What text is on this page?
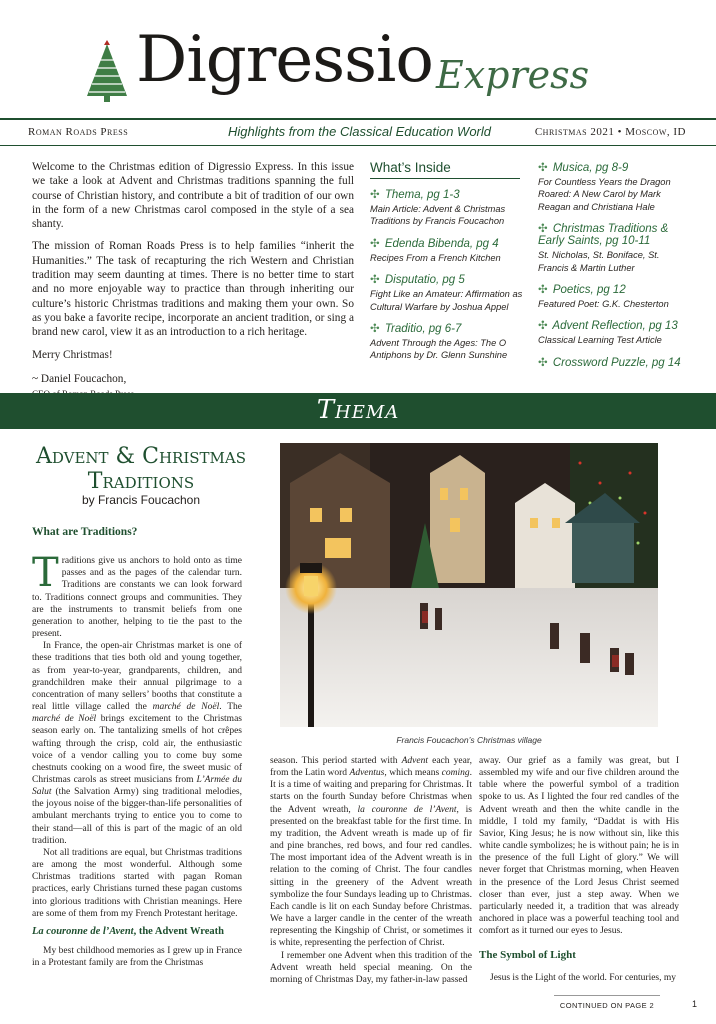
Digressio Express
Roman Roads Press	Highlights from the Classical Education World	Christmas 2021 • Moscow, ID

Welcome to the Christmas edition of Digressio Express. In this issue we take a look at Advent and Christmas traditions spanning the full course of Christian history, and contribute a bit of tradition of our own in the form of a new Christmas carol composed in the style of a sea shanty.

The mission of Roman Roads Press is to help families “inherit the Humanities.” The task of recapturing the rich Western and Christian tradition may seem daunting at times. There is no better time to start and no more enjoyable way to practice than through inheriting our culture’s historic Christmas traditions and making them your own. So as you bake a favorite recipe, incorporate an ancient tradition, or sing a brand new carol, view it as an introduction to a rich heritage.

Merry Christmas!

~ Daniel Foucachon,
What’s Inside
✣ Thema, pg 1-3
Main Article: Advent & Christmas Traditions by Francis Foucachon
✣ Edenda Bibenda, pg 4
Recipes From a French Kitchen
✣ Disputatio, pg 5
Fight Like an Amateur: Affirmation as Cultural Warfare by Joshua Appel
✣ Traditio, pg 6-7
Advent Through the Ages: The O Antiphons by Dr. Glenn Sunshine
✣ Musica, pg 8-9
For Countless Years the Dragon Roared: A New Carol by Mark Reagan and Christiana Hale
✣ Christmas Traditions & Early Saints, pg 10-11
St. Nicholas, St. Boniface, St. Francis & Martin Luther
✣ Poetics, pg 12
Featured Poet: G.K. Chesterton
✣ Advent Reflection, pg 13
Classical Learning Test Article
✣ Crossword Puzzle, pg 14
Thema
Advent & Christmas Traditions
by Francis Foucachon
What are Traditions?

Traditions give us anchors to hold onto as time passes and as the pages of the calendar turn. Traditions are constants we can look forward to. Traditions connect groups and communities. They are the instruments to transmit beliefs from one generation to another, helping to tie the past to the present.

In France, the open-air Christmas market is one of these traditions that ties both old and young together, as from year-to-year, grandparents, children, and grandchildren make their annual pilgrimage to a concentration of many sellers’ booths that constitute a real little village called the marché de Noël. The marché de Noël brings excitement to the Christmas season early on. The tantalizing smells of hot crêpes wafting through the crisp, cold air, the enthusiastic voice of a vendor calling you to come buy some chestnuts cooking on a wood fire, the sweet music of Christmas carols as street musicians from L’Armée du Salut (the Salvation Army) sing traditional melodies, the joyous noise of the bigger-than-life personalities of ambulant merchants trying to entice you to come to their stand—all of this is part of the magic of an old tradition.

Not all traditions are equal, but Christmas traditions are among the most wonderful. Although some Christmas traditions started with pagan Roman practices, early Christians turned these pagan customs into glorious traditions with Christian meanings. Here are some of them from my French Protestant heritage.

La couronne de l’Avent, the Advent Wreath

My best childhood memories as I grew up in France in a Protestant family are from the Christmas

Francis Foucachon’s Christmas village

season. This period started with Advent each year, from the Latin word Adventus, which means coming. It is a time of waiting and preparing for Christmas. It starts on the fourth Sunday before Christmas when the Advent wreath, la couronne de l’Avent, is presented on the breakfast table for the first time. In my tradition, the Advent wreath is made up of fir and pine branches, red bows, and four red candles. The most important idea of the Advent wreath is in relation to the coming of Christ. The four candles sitting in the greenery of the Advent wreath symbolize the four Sundays leading up to Christmas. Each candle is lit on each Sunday before Christmas. We have a larger candle in the center of the wreath representing the Kingship of Christ, or sometimes it is white, representing the perfection of Christ.

I remember one Advent when this tradition of the Advent wreath held special meaning. On the morning of Christmas Day, my father-in-law passed

away. Our grief as a family was great, but I assembled my wife and our five children around the table where the powerful symbol of a tradition spoke to us. As I lighted the four red candles of the Advent wreath and then the white candle in the middle, I told my family, “Daddat is with His Savior, King Jesus; he is now without sin, like this white candle symbolizes; he is without pain; he is in the presence of the full Light of glory.” We will never forget that Christmas morning, when Heaven in the presence of the Lord Jesus Christ seemed closer than ever, just a step away. When we particularly needed it, a tradition that was already anchored in place was a powerful teaching tool and comfort as it turned our eyes to Jesus.

The Symbol of Light

Jesus is the Light of the world. For centuries, my

CONTINUED ON PAGE 2	1
